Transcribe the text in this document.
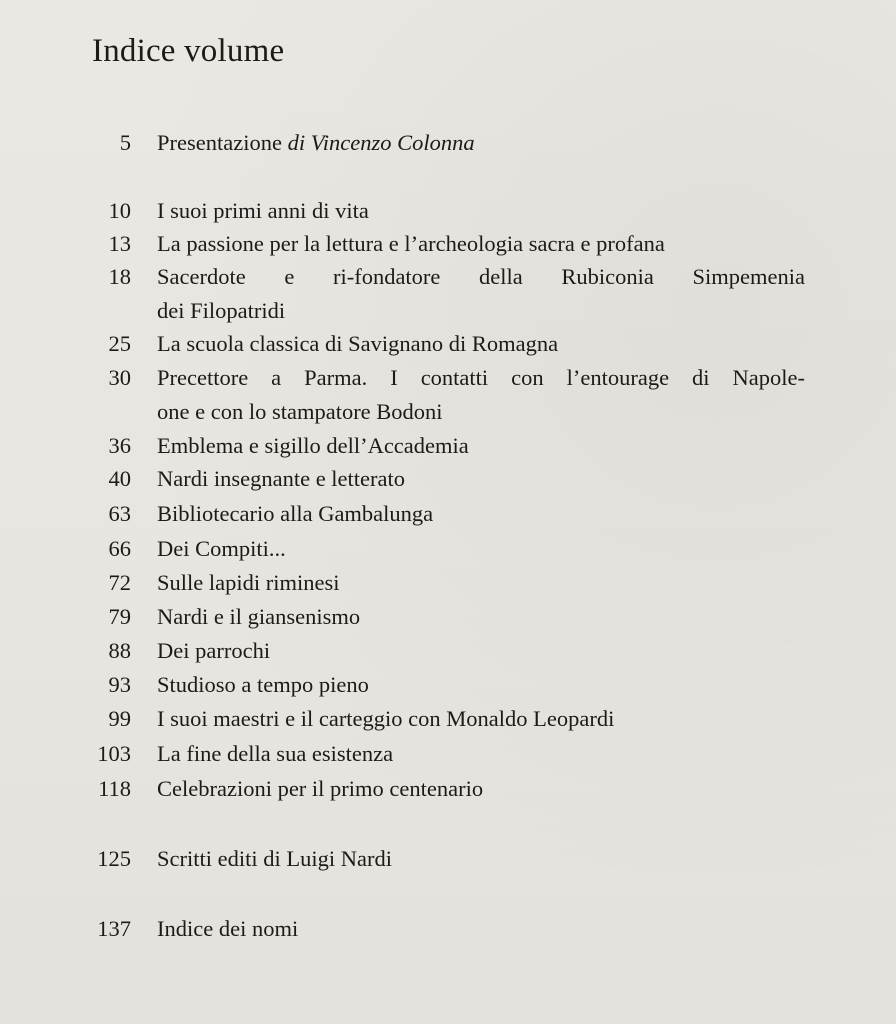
Indice volume
5 Presentazione di Vincenzo Colonna
10 I suoi primi anni di vita
13 La passione per la lettura e l’archeologia sacra e profana
18 Sacerdote e ri-fondatore della Rubiconia Simpemenia
dei Filopatridi
25 La scuola classica di Savignano di Romagna
30 Precettore a Parma. I contatti con l’entourage di Napole-
one e con lo stampatore Bodoni
36 Emblema e sigillo dell’Accademia
40 Nardi insegnante e letterato
63 Bibliotecario alla Gambalunga
66 Dei Compiti...
72 Sulle lapidi riminesi
79 Nardi e il giansenismo
88 Dei parrochi
93 Studioso a tempo pieno
99 I suoi maestri e il carteggio con Monaldo Leopardi
103 La fine della sua esistenza
118 Celebrazioni per il primo centenario
125 Scritti editi di Luigi Nardi
137 Indice dei nomi
